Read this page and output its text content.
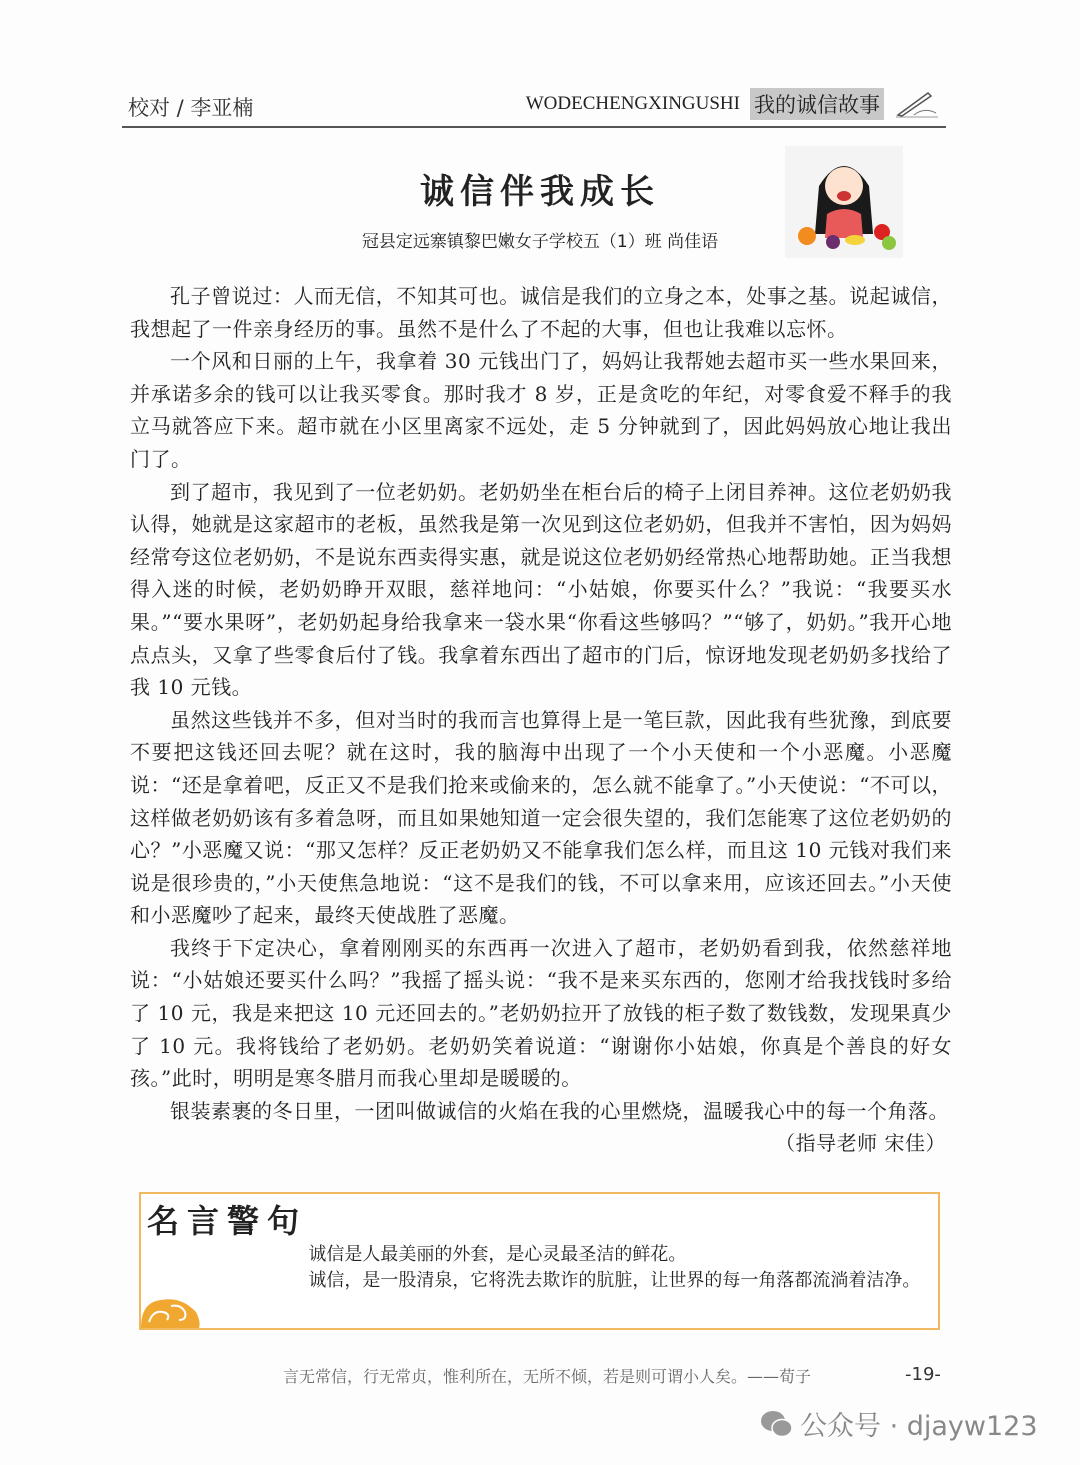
校对 / 李亚楠	WODECHENGXINGUSHI 我的诚信故事
诚信伴我成长
冠县定远寨镇黎巴嫩女子学校五（1）班 尚佳语

孔子曾说过：人而无信，不知其可也。诚信是我们的立身之本，处事之基。说起诚信，我想起了一件亲身经历的事。虽然不是什么了不起的大事，但也让我难以忘怀。

一个风和日丽的上午，我拿着 30 元钱出门了，妈妈让我帮她去超市买一些水果回来，并承诺多余的钱可以让我买零食。那时我才 8 岁，正是贪吃的年纪，对零食爱不释手的我立马就答应下来。超市就在小区里离家不远处，走 5 分钟就到了，因此妈妈放心地让我出门了。

到了超市，我见到了一位老奶奶。老奶奶坐在柜台后的椅子上闭目养神。这位老奶奶我认得，她就是这家超市的老板，虽然我是第一次见到这位老奶奶，但我并不害怕，因为妈妈经常夸这位老奶奶，不是说东西卖得实惠，就是说这位老奶奶经常热心地帮助她。正当我想得入迷的时候，老奶奶睁开双眼，慈祥地问：“小姑娘，你要买什么？”我说：“我要买水果。”“要水果呀”，老奶奶起身给我拿来一袋水果“你看这些够吗？”“够了，奶奶。”我开心地点点头，又拿了些零食后付了钱。我拿着东西出了超市的门后，惊讶地发现老奶奶多找给了我 10 元钱。

虽然这些钱并不多，但对当时的我而言也算得上是一笔巨款，因此我有些犹豫，到底要不要把这钱还回去呢？就在这时，我的脑海中出现了一个小天使和一个小恶魔。小恶魔说：“还是拿着吧，反正又不是我们抢来或偷来的，怎么就不能拿了。”小天使说：“不可以，这样做老奶奶该有多着急呀，而且如果她知道一定会很失望的，我们怎能寒了这位老奶奶的心？”小恶魔又说：“那又怎样？反正老奶奶又不能拿我们怎么样，而且这 10 元钱对我们来说是很珍贵的，”小天使焦急地说：“这不是我们的钱，不可以拿来用，应该还回去。”小天使和小恶魔吵了起来，最终天使战胜了恶魔。

我终于下定决心，拿着刚刚买的东西再一次进入了超市，老奶奶看到我，依然慈祥地说：“小姑娘还要买什么吗？”我摇了摇头说：“我不是来买东西的，您刚才给我找钱时多给了 10 元，我是来把这 10 元还回去的。”老奶奶拉开了放钱的柜子数了数钱数，发现果真少了 10 元。我将钱给了老奶奶。老奶奶笑着说道：“谢谢你小姑娘，你真是个善良的好女孩。”此时，明明是寒冬腊月而我心里却是暖暖的。

银装素裹的冬日里，一团叫做诚信的火焰在我的心里燃烧，温暖我心中的每一个角落。

（指导老师 宋佳）
名言警句

诚信是人最美丽的外套，是心灵最圣洁的鲜花。

诚信，是一股清泉，它将洗去欺诈的肮脏，让世界的每一角落都流淌着洁净。

言无常信，行无常贞，惟利所在，无所不倾，若是则可谓小人矣。——荀子	-19-
公众号 · djayw123
